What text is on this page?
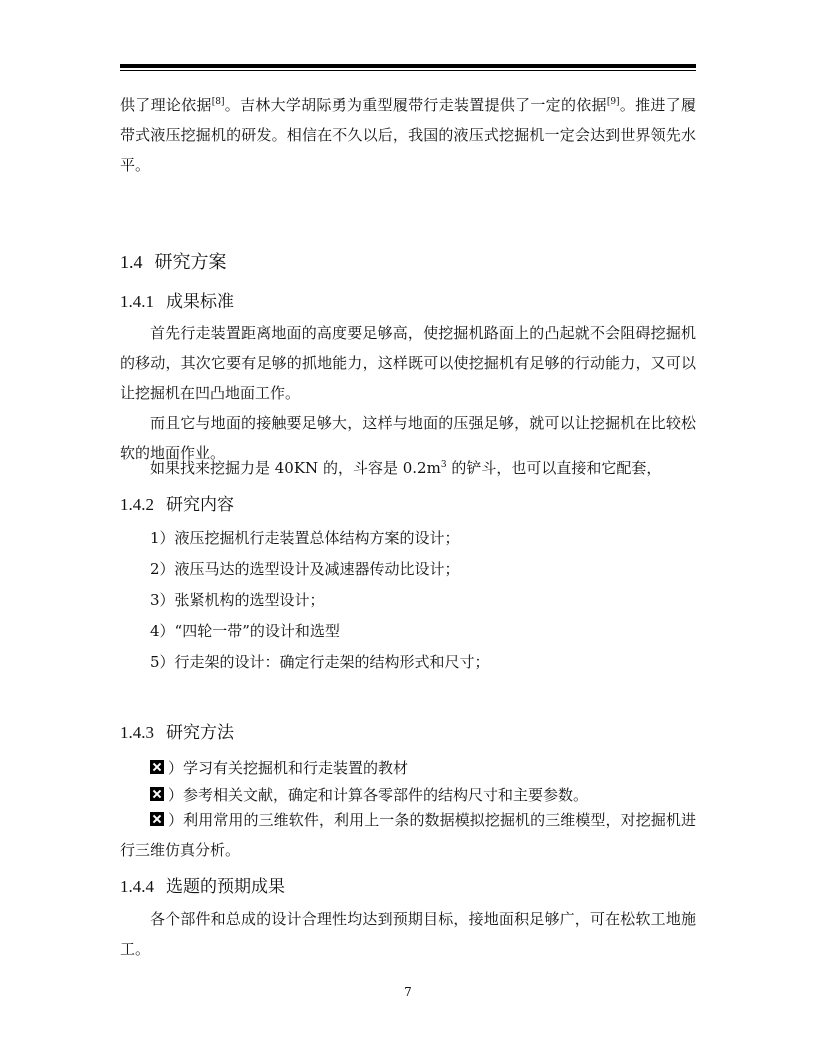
供了理论依据[8]。吉林大学胡际勇为重型履带行走装置提供了一定的依据[9]。推进了履带式液压挖掘机的研发。相信在不久以后，我国的液压式挖掘机一定会达到世界领先水平。

1.4 研究方案
1.4.1 成果标准

首先行走装置距离地面的高度要足够高，使挖掘机路面上的凸起就不会阻碍挖掘机的移动，其次它要有足够的抓地能力，这样既可以使挖掘机有足够的行动能力，又可以让挖掘机在凹凸地面工作。

而且它与地面的接触要足够大，这样与地面的压强足够，就可以让挖掘机在比较松软的地面作业。

如果找来挖掘力是 40KN 的，斗容是 $0.2m^3$ 的铲斗，也可以直接和它配套，

1.4.2 研究内容

1）液压挖掘机行走装置总体结构方案的设计；

2）液压马达的选型设计及减速器传动比设计；

3）张紧机构的选型设计；

4）“四轮一带”的设计和选型

5）行走架的设计：确定行走架的结构形式和尺寸；

1.4.3 研究方法

）学习有关挖掘机和行走装置的教材

）参考相关文献，确定和计算各零部件的结构尺寸和主要参数。

）利用常用的三维软件，利用上一条的数据模拟挖掘机的三维模型，对挖掘机进行三维仿真分析。

1.4.4 选题的预期成果

各个部件和总成的设计合理性均达到预期目标，接地面积足够广，可在松软工地施工。

7
